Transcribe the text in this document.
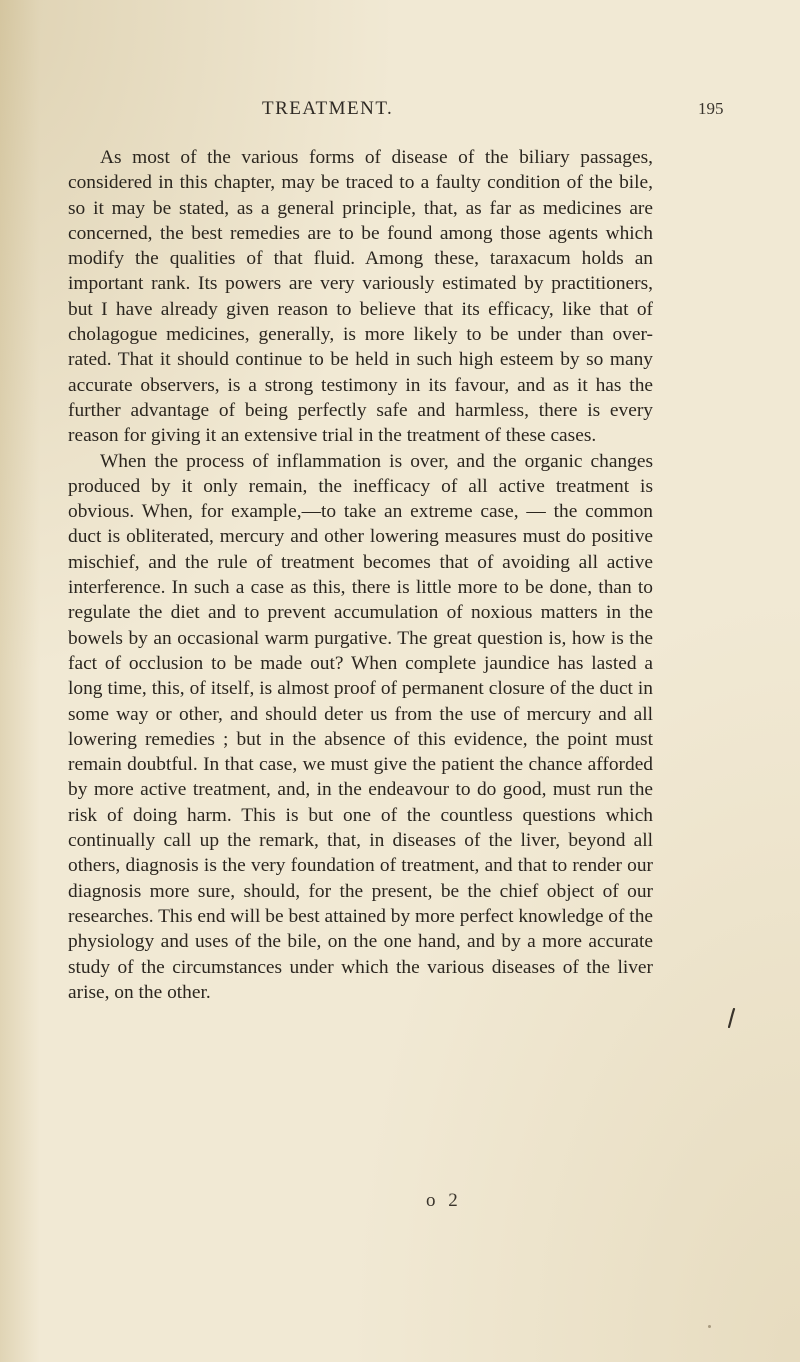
TREATMENT.	195

As most of the various forms of disease of the biliary passages, considered in this chapter, may be traced to a faulty condition of the bile, so it may be stated, as a general principle, that, as far as medicines are concerned, the best remedies are to be found among those agents which modify the qualities of that fluid. Among these, taraxacum holds an important rank. Its powers are very variously estimated by practitioners, but I have already given reason to believe that its efficacy, like that of cholagogue medicines, generally, is more likely to be under than over-rated. That it should continue to be held in such high esteem by so many accurate observers, is a strong testimony in its favour, and as it has the further advantage of being perfectly safe and harmless, there is every reason for giving it an extensive trial in the treatment of these cases.

When the process of inflammation is over, and the organic changes produced by it only remain, the inefficacy of all active treatment is obvious. When, for example,—to take an extreme case, — the common duct is obliterated, mercury and other lowering measures must do positive mischief, and the rule of treatment becomes that of avoiding all active interference. In such a case as this, there is little more to be done, than to regulate the diet and to prevent accumulation of noxious matters in the bowels by an occasional warm purgative. The great question is, how is the fact of occlusion to be made out? When complete jaundice has lasted a long time, this, of itself, is almost proof of permanent closure of the duct in some way or other, and should deter us from the use of mercury and all lowering remedies ; but in the absence of this evidence, the point must remain doubtful. In that case, we must give the patient the chance afforded by more active treatment, and, in the endeavour to do good, must run the risk of doing harm. This is but one of the countless questions which continually call up the remark, that, in diseases of the liver, beyond all others, diagnosis is the very foundation of treatment, and that to render our diagnosis more sure, should, for the present, be the chief object of our researches. This end will be best attained by more perfect knowledge of the physiology and uses of the bile, on the one hand, and by a more accurate study of the circumstances under which the various diseases of the liver arise, on the other.

o 2
